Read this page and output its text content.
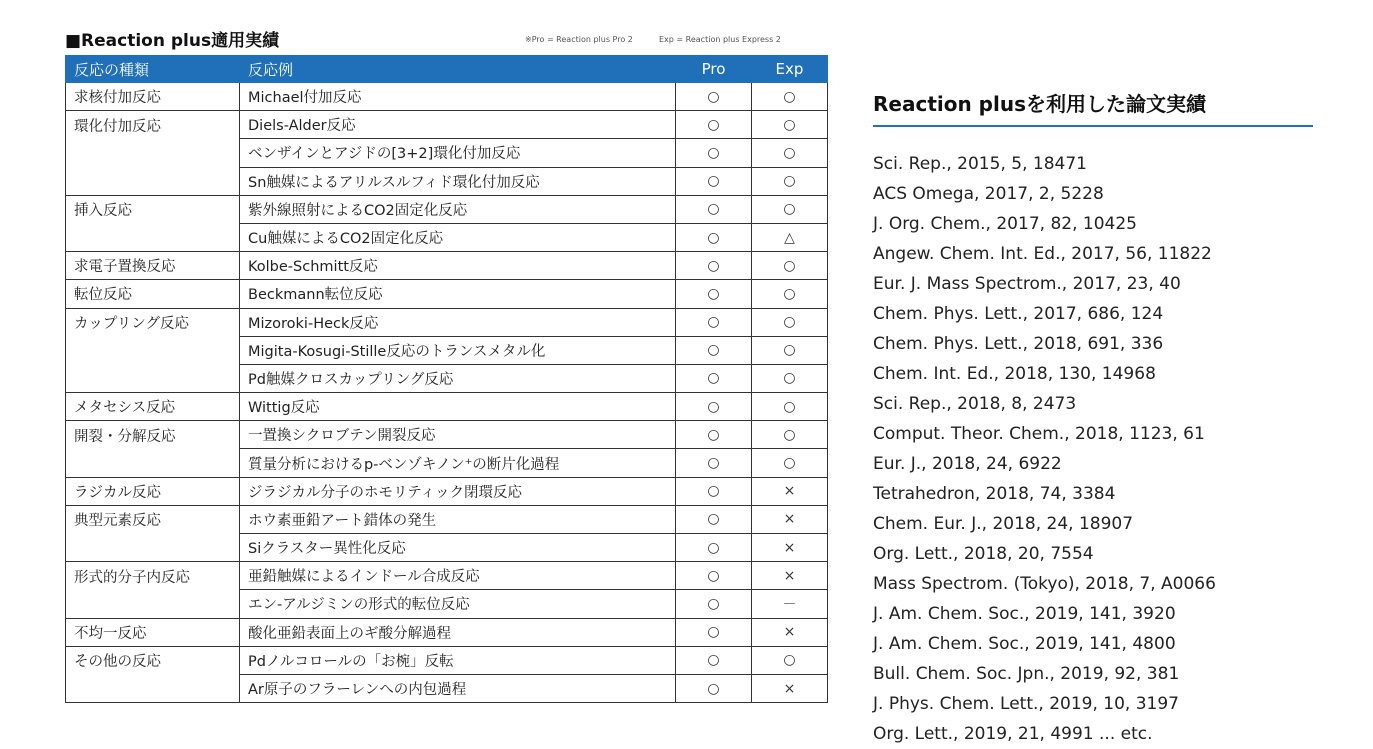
■Reaction plus適用実績	※Pro = Reaction plus Pro 2	Exp = Reaction plus Express 2
反応の種類	反応例	Pro	Exp
求核付加反応	Michael付加反応	○	○
環化付加反応	Diels-Alder反応	○	○
	ベンザインとアジドの[3+2]環化付加反応	○	○
	Sn触媒によるアリルスルフィド環化付加反応	○	○
挿入反応	紫外線照射によるCO2固定化反応	○	○
	Cu触媒によるCO2固定化反応	○	△
求電子置換反応	Kolbe-Schmitt反応	○	○
転位反応	Beckmann転位反応	○	○
カップリング反応	Mizoroki-Heck反応	○	○
	Migita-Kosugi-Stille反応のトランスメタル化	○	○
	Pd触媒クロスカップリング反応	○	○
メタセシス反応	Wittig反応	○	○
開裂・分解反応	一置換シクロブテン開裂反応	○	○
	質量分析におけるp-ベンゾキノン⁺の断片化過程	○	○
ラジカル反応	ジラジカル分子のホモリティック閉環反応	○	×
典型元素反応	ホウ素亜鉛アート錯体の発生	○	×
	Siクラスター異性化反応	○	×
形式的分子内反応	亜鉛触媒によるインドール合成反応	○	×
	エン-アルジミンの形式的転位反応	○	－
不均一反応	酸化亜鉛表面上のギ酸分解過程	○	×
その他の反応	Pdノルコロールの「お椀」反転	○	○
	Ar原子のフラーレンへの内包過程	○	×
Reaction plusを利用した論文実績
Sci. Rep., 2015, 5, 18471
ACS Omega, 2017, 2, 5228
J. Org. Chem., 2017, 82, 10425
Angew. Chem. Int. Ed., 2017, 56, 11822
Eur. J. Mass Spectrom., 2017, 23, 40
Chem. Phys. Lett., 2017, 686, 124
Chem. Phys. Lett., 2018, 691, 336
Chem. Int. Ed., 2018, 130, 14968
Sci. Rep., 2018, 8, 2473
Comput. Theor. Chem., 2018, 1123, 61
Eur. J., 2018, 24, 6922
Tetrahedron, 2018, 74, 3384
Chem. Eur. J., 2018, 24, 18907
Org. Lett., 2018, 20, 7554
Mass Spectrom. (Tokyo), 2018, 7, A0066
J. Am. Chem. Soc., 2019, 141, 3920
J. Am. Chem. Soc., 2019, 141, 4800
Bull. Chem. Soc. Jpn., 2019, 92, 381
J. Phys. Chem. Lett., 2019, 10, 3197
Org. Lett., 2019, 21, 4991 ... etc.
